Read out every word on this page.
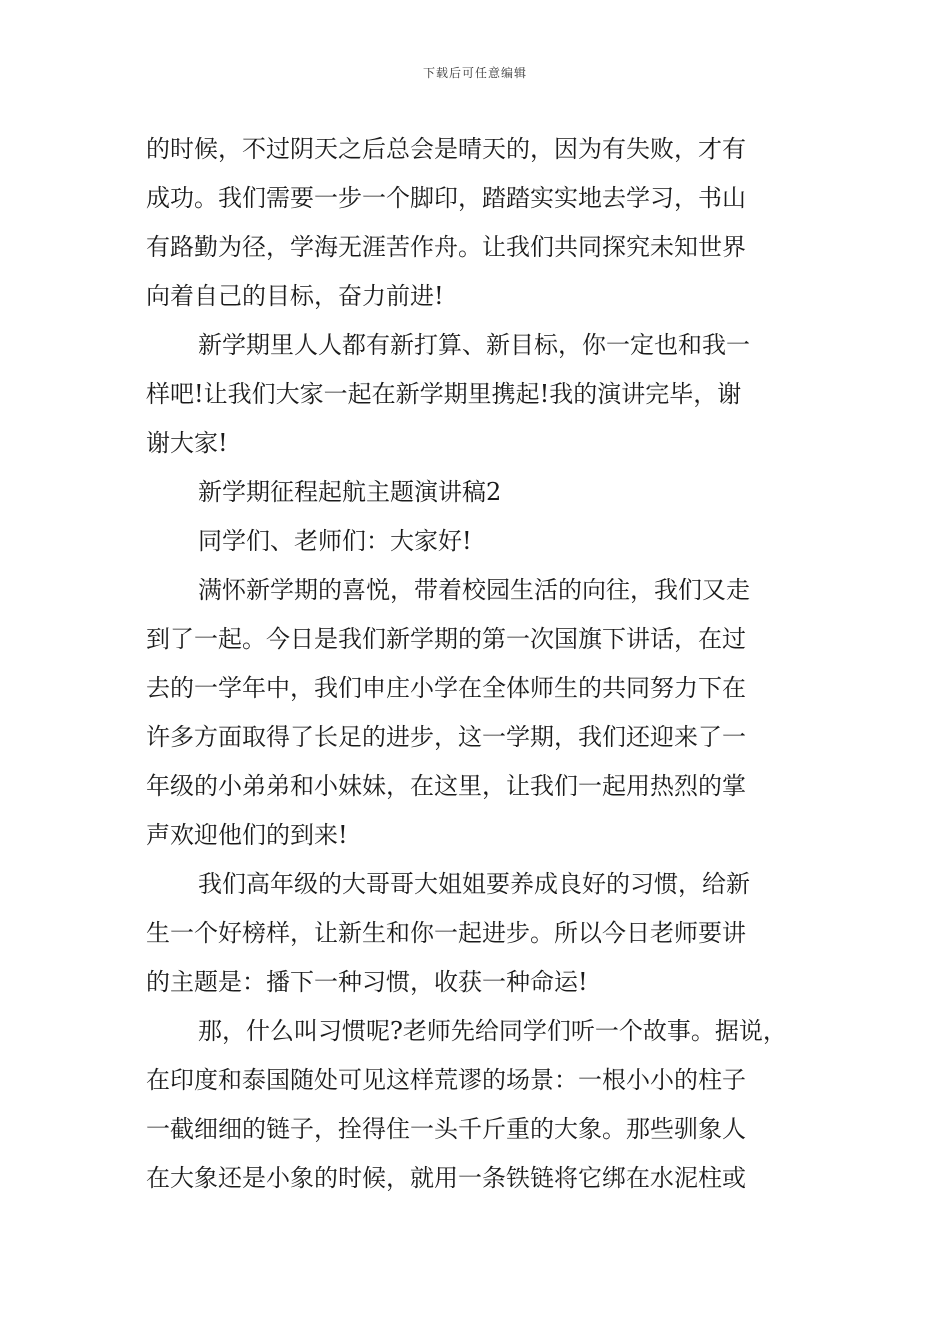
下载后可任意编辑
的时候，不过阴天之后总会是晴天的，因为有失败，才有
成功。我们需要一步一个脚印，踏踏实实地去学习，书山
有路勤为径，学海无涯苦作舟。让我们共同探究未知世界
向着自己的目标，奋力前进!
新学期里人人都有新打算、新目标，你一定也和我一
样吧!让我们大家一起在新学期里携起!我的演讲完毕，谢
谢大家!
新学期征程起航主题演讲稿2
同学们、老师们：大家好!
满怀新学期的喜悦，带着校园生活的向往，我们又走
到了一起。今日是我们新学期的第一次国旗下讲话，在过
去的一学年中，我们申庄小学在全体师生的共同努力下在
许多方面取得了长足的进步，这一学期，我们还迎来了一
年级的小弟弟和小妹妹，在这里，让我们一起用热烈的掌
声欢迎他们的到来!
我们高年级的大哥哥大姐姐要养成良好的习惯，给新
生一个好榜样，让新生和你一起进步。所以今日老师要讲
的主题是：播下一种习惯，收获一种命运!
那，什么叫习惯呢?老师先给同学们听一个故事。据说，
在印度和泰国随处可见这样荒谬的场景：一根小小的柱子
一截细细的链子，拴得住一头千斤重的大象。那些驯象人
在大象还是小象的时候，就用一条铁链将它绑在水泥柱或
